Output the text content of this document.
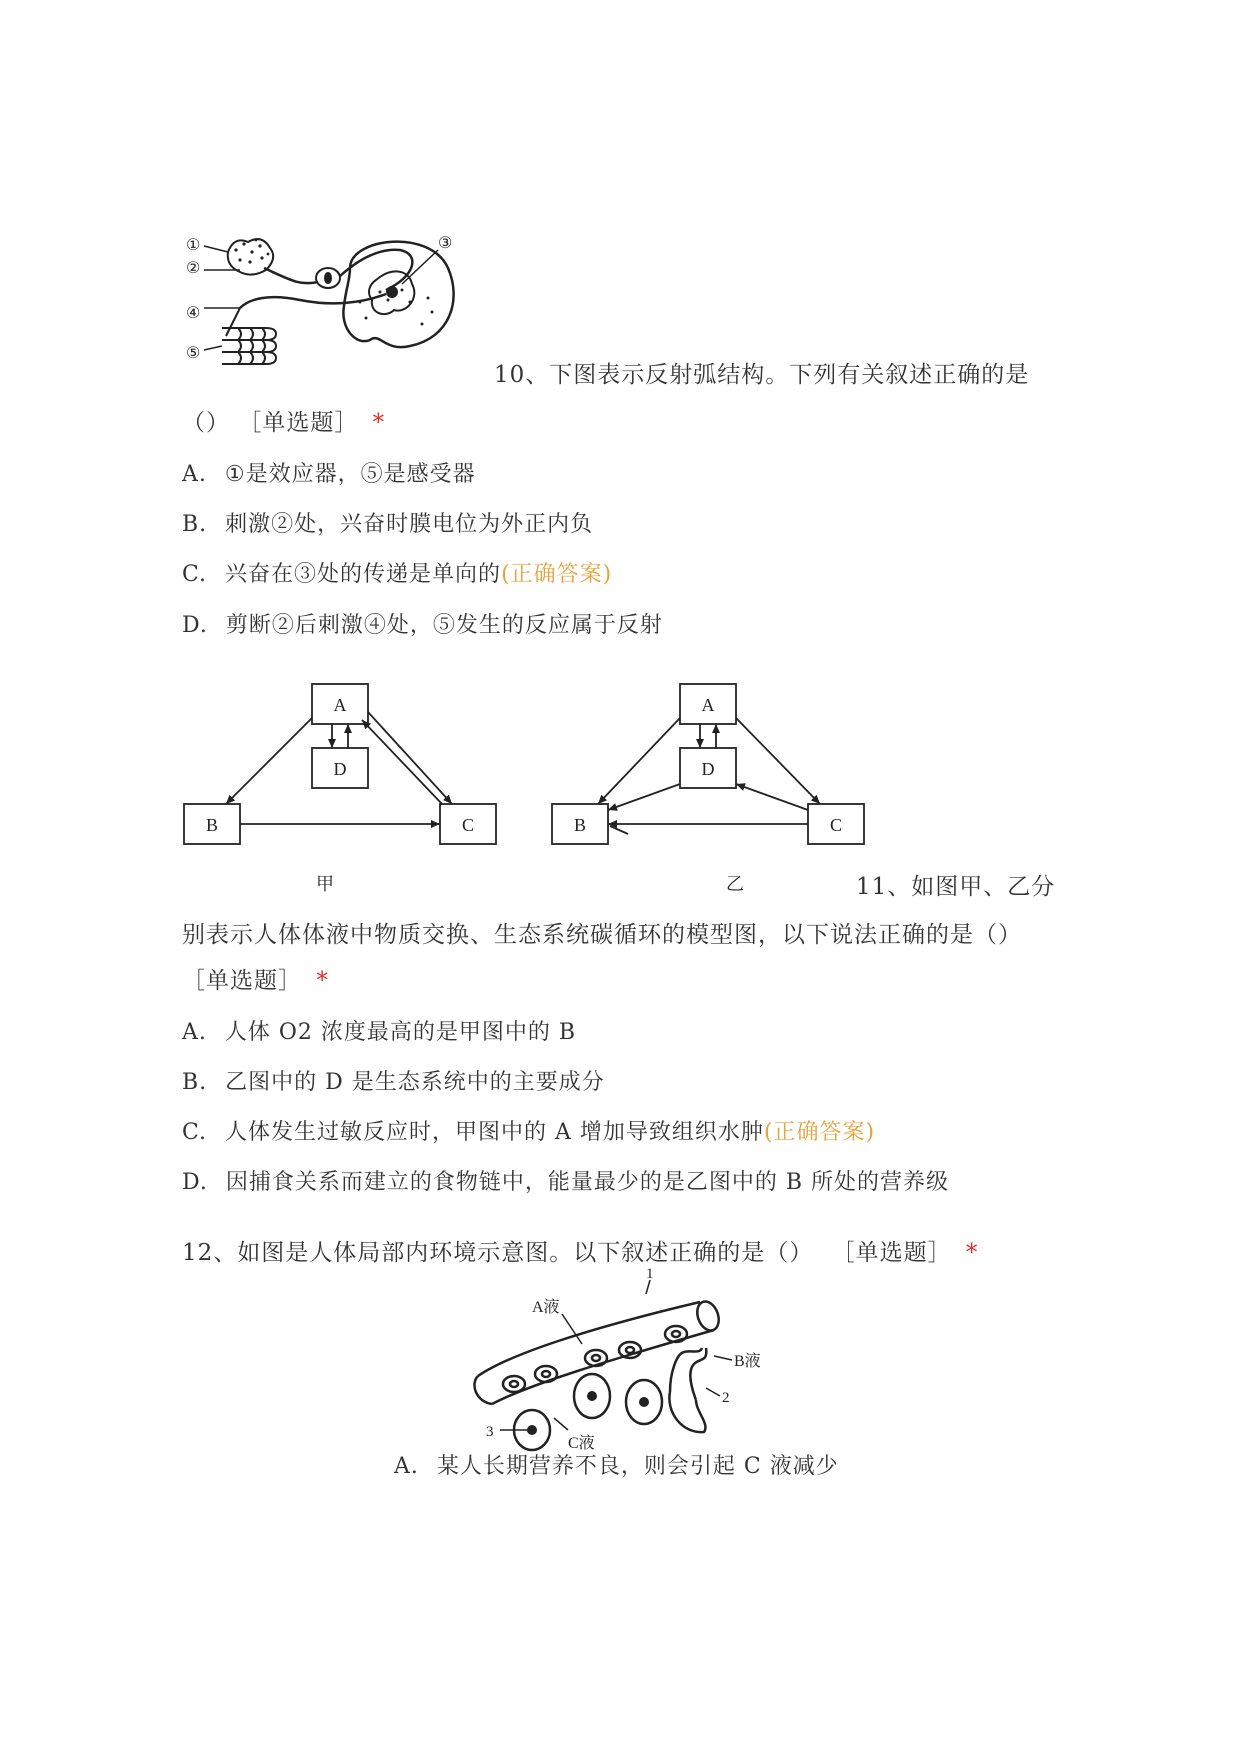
①
②
④
⑤
③
10、下图表示反射弧结构。下列有关叙述正确的是
（） ［单选题］ *
A. ①是效应器，⑤是感受器
B. 刺激②处，兴奋时膜电位为外正内负
C. 兴奋在③处的传递是单向的(正确答案)
D. 剪断②后刺激④处，⑤发生的反应属于反射
A
D
B	C
甲
A
D
B	C
乙	11、如图甲、乙分
别表示人体体液中物质交换、生态系统碳循环的模型图，以下说法正确的是（）
［单选题］ *
A. 人体 O2 浓度最高的是甲图中的 B
B. 乙图中的 D 是生态系统中的主要成分
C. 人体发生过敏反应时，甲图中的 A 增加导致组织水肿(正确答案)
D. 因捕食关系而建立的食物链中，能量最少的是乙图中的 B 所处的营养级
12、如图是人体局部内环境示意图。以下叙述正确的是（） ［单选题］ *
A液
B液
C液
1
2
3
A. 某人长期营养不良，则会引起 C 液减少
